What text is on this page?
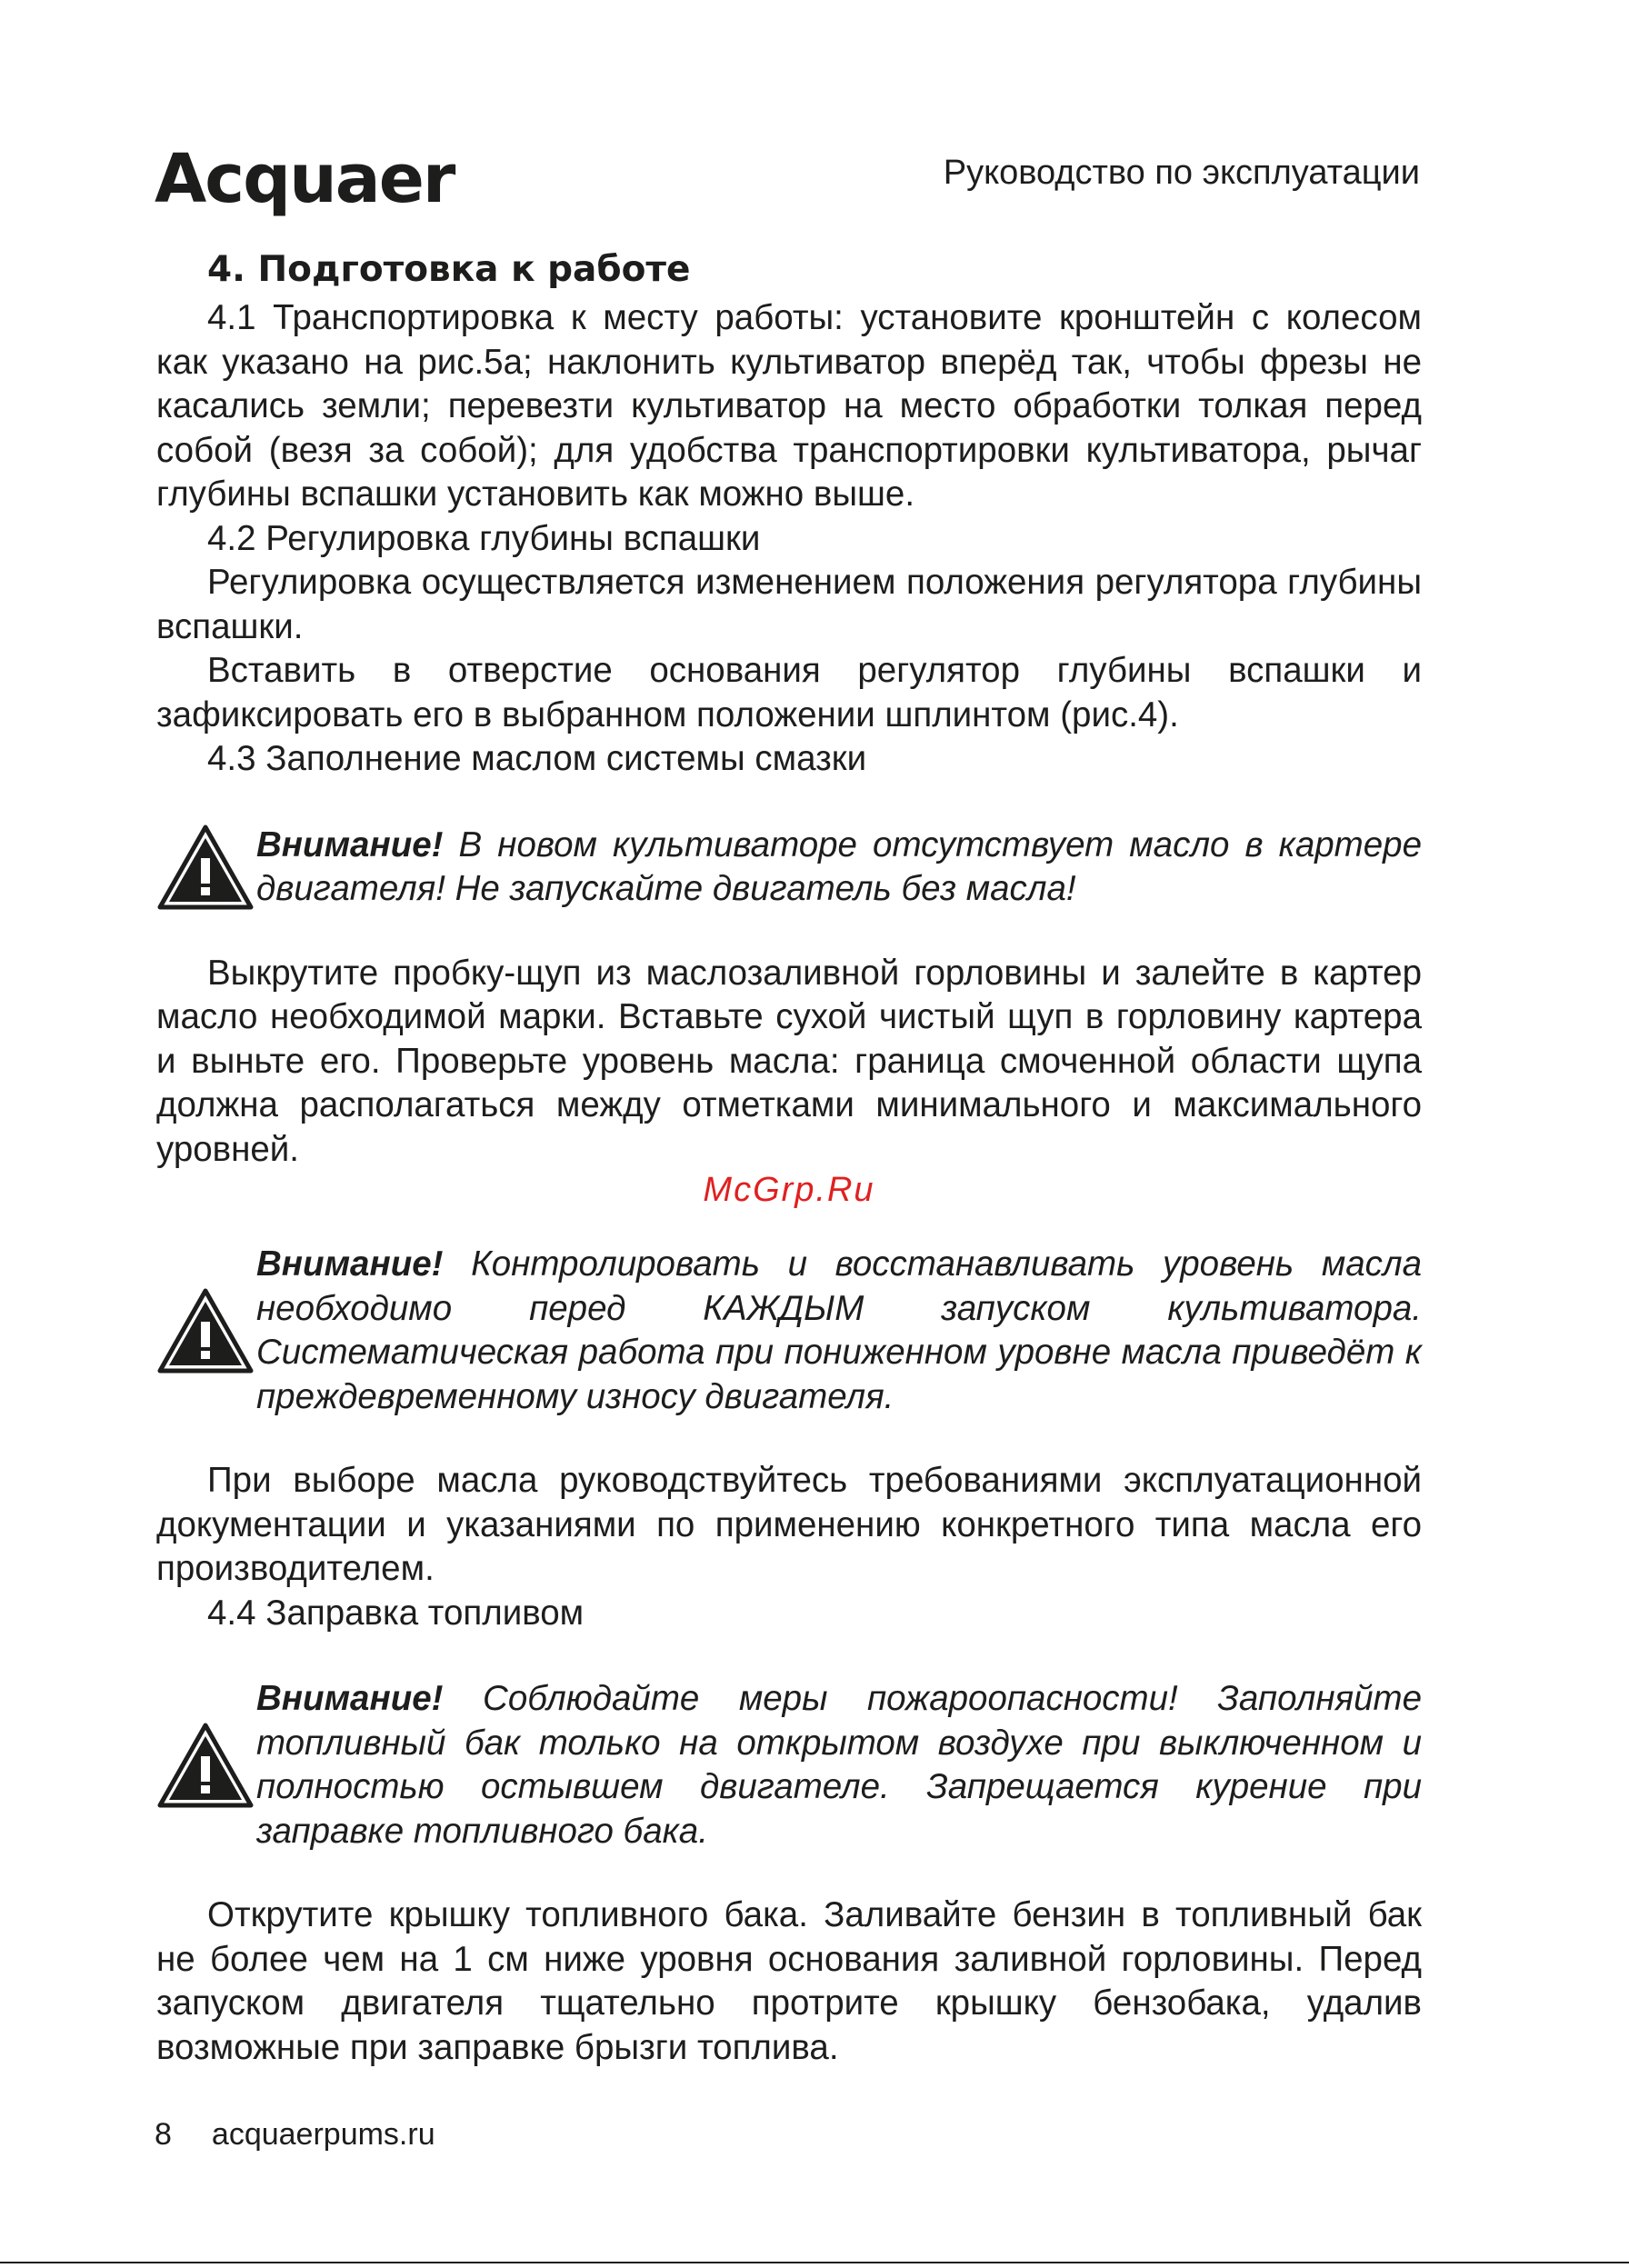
Acquaer	Руководство по эксплуатации
4. Подготовка к работе

4.1 Транспортировка к месту работы: установите кронштейн с колесом как указано на рис.5а; наклонить культиватор вперёд так, чтобы фрезы не касались земли; перевезти культиватор на место обработки толкая перед собой (везя за собой); для удобства транспортировки культиватора, рычаг глубины вспашки установить как можно выше.

4.2 Регулировка глубины вспашки

Регулировка осуществляется изменением положения регулятора глубины вспашки.

Вставить в отверстие основания регулятор глубины вспашки и зафиксировать его в выбранном положении шплинтом (рис.4).

4.3 Заполнение маслом системы смазки

Внимание! В новом культиваторе отсутствует масло в картере двигателя! Не запускайте двигатель без масла!

Выкрутите пробку-щуп из маслозаливной горловины и залейте в картер масло необходимой марки. Вставьте сухой чистый щуп в горловину картера и выньте его. Проверьте уровень масла: граница смоченной области щупа должна располагаться между отметками минимального и максимального уровней.

McGrp.Ru
Внимание! Контролировать и восстанавливать уровень масла необходимо перед КАЖДЫМ запуском культиватора. Систематическая работа при пониженном уровне масла приведёт к преждевременному износу двигателя.

При выборе масла руководствуйтесь требованиями эксплуатационной документации и указаниями по применению конкретного типа масла его производителем.

4.4 Заправка топливом

Внимание! Соблюдайте меры пожароопасности! Заполняйте топливный бак только на открытом воздухе при выключенном и полностью остывшем двигателе. Запрещается курение при заправке топливного бака.

Открутите крышку топливного бака. Заливайте бензин в топливный бак не более чем на 1 см ниже уровня основания заливной горловины. Перед запуском двигателя тщательно протрите крышку бензобака, удалив возможные при заправке брызги топлива.

8 acquaerpums.ru
